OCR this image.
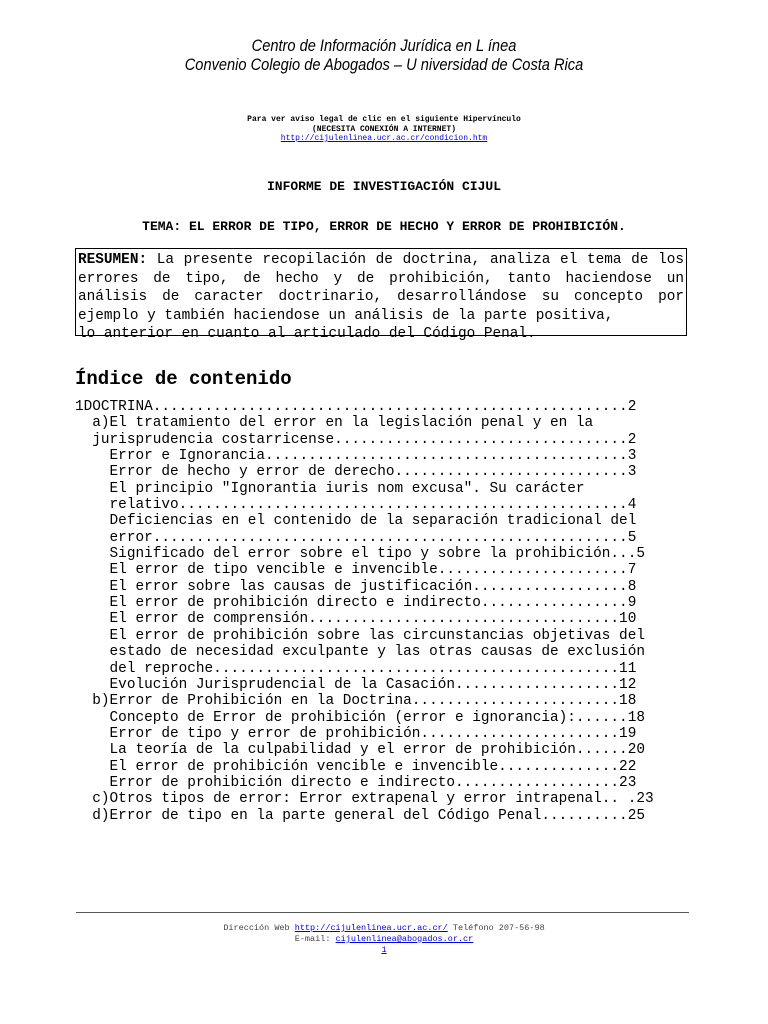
Centro de Información Jurídica en L ínea
Convenio Colegio de Abogados – U niversidad de Costa Rica
Para ver aviso legal de clic en el siguiente Hipervínculo
(NECESITA CONEXIÓN A INTERNET)
http://cijulenlinea.ucr.ac.cr/condicion.htm
INFORME DE INVESTIGACIÓN CIJUL
TEMA: EL ERROR DE TIPO, ERROR DE HECHO Y ERROR DE PROHIBICIÓN.
RESUMEN: La presente recopilación de doctrina, analiza el tema de los errores de tipo, de hecho y de prohibición, tanto haciendose un análisis de caracter doctrinario, desarrollándose su concepto por ejemplo y también haciendose un análisis de la parte positiva,
lo anterior en cuanto al articulado del Código Penal.
Índice de contenido
1DOCTRINA.......................................................2
a)El tratamiento del error en la legislación penal y en la
jurisprudencia costarricense..................................2
Error e Ignorancia..........................................3
Error de hecho y error de derecho...........................3
El principio "Ignorantia iuris nom excusa". Su carácter
relativo....................................................4
Deficiencias en el contenido de la separación tradicional del
error.......................................................5
Significado del error sobre el tipo y sobre la prohibición...5
El error de tipo vencible e invencible......................7
El error sobre las causas de justificación..................8
El error de prohibición directo e indirecto.................9
El error de comprensión....................................10
El error de prohibición sobre las circunstancias objetivas del
estado de necesidad exculpante y las otras causas de exclusión
del reproche...............................................11
Evolución Jurisprudencial de la Casación...................12
b)Error de Prohibición en la Doctrina........................18
Concepto de Error de prohibición (error e ignorancia):......18
Error de tipo y error de prohibición.......................19
La teoría de la culpabilidad y el error de prohibición......20
El error de prohibición vencible e invencible..............22
Error de prohibición directo e indirecto...................23
c)Otros tipos de error: Error extrapenal y error intrapenal.. .23
d)Error de tipo en la parte general del Código Penal..........25
Dirección Web http://cijulenlinea.ucr.ac.cr/ Teléfono 207-56-98
E-mail: cijulenlinea@abogados.or.cr
1
